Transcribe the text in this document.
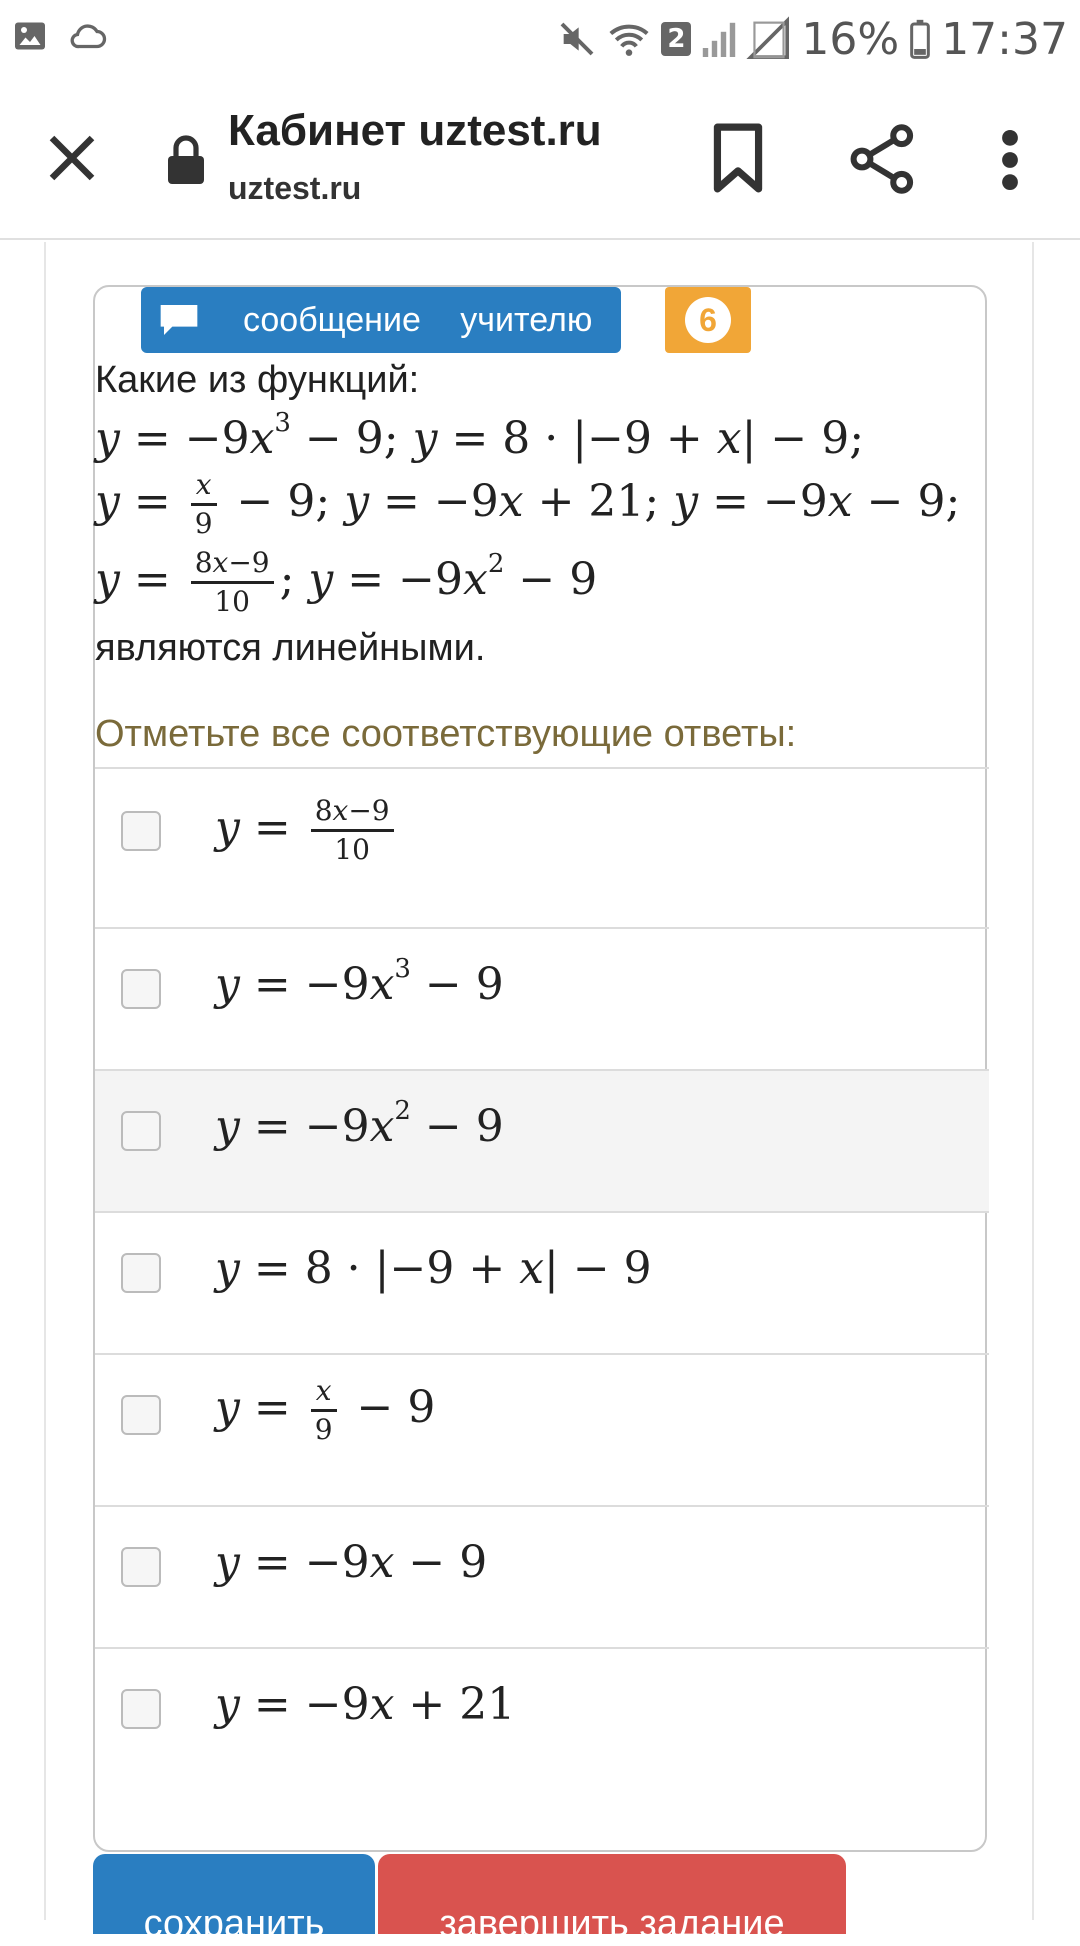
2	16% 17:37
Кабинет uztest.ru
uztest.ru
сообщение учителю	6
Какие из функций:
$y = -9x^3 - 9$; y = 8 · |−9 + x| − 9;
$y = \frac{x}{9} - 9$; y = −9x + 21; y = −9x − 9;
$y = \frac{8x-9}{10}$ ; $y = -9x^2 - 9$
являются линейными.
Отметьте все соответствующие ответы:
$y = \frac{8x-9}{10}$
$y = -9x^3 - 9$
$y = -9x^2 - 9$
y = 8 · |−9 + x| − 9
$y = \frac{x}{9} - 9$
y = −9x − 9
y = −9x + 21
сохранить	завершить задание
